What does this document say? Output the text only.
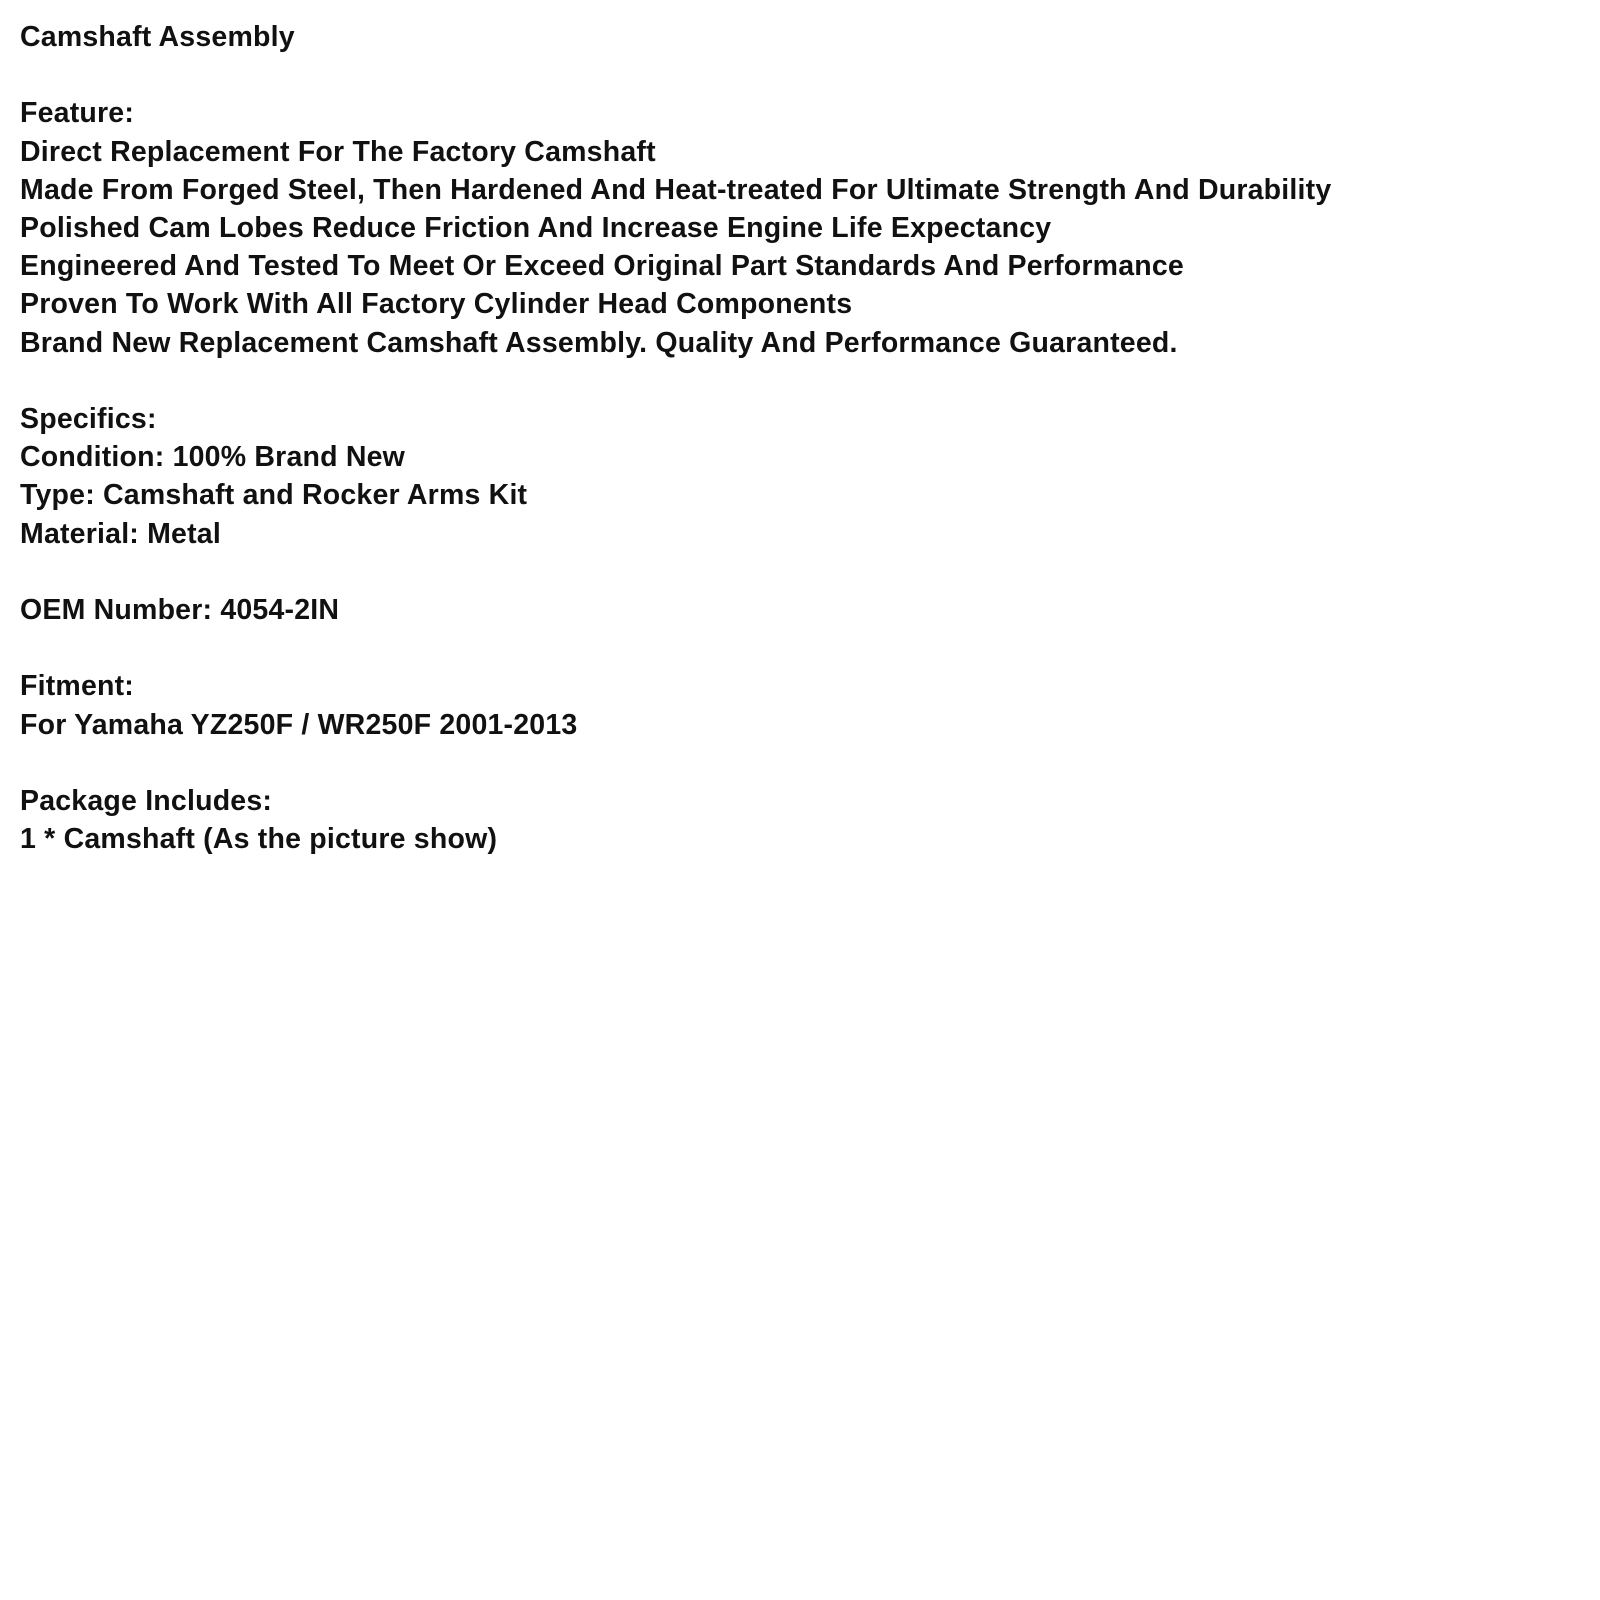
Camshaft Assembly
Feature:
Direct Replacement For The Factory Camshaft
Made From Forged Steel, Then Hardened And Heat-treated For Ultimate Strength And Durability
Polished Cam Lobes Reduce Friction And Increase Engine Life Expectancy
Engineered And Tested To Meet Or Exceed Original Part Standards And Performance
Proven To Work With All Factory Cylinder Head Components
Brand New Replacement Camshaft Assembly. Quality And Performance Guaranteed.
Specifics:
Condition: 100% Brand New
Type: Camshaft and Rocker Arms Kit
Material: Metal
OEM Number: 4054-2IN
Fitment:
For Yamaha YZ250F / WR250F 2001-2013
Package Includes:
1 * Camshaft (As the picture show)
